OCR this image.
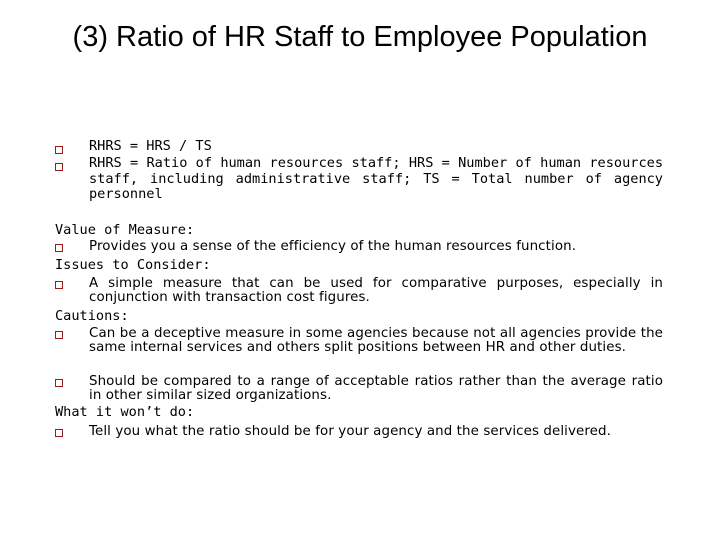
(3) Ratio of HR Staff to Employee Population

RHRS = HRS / TS

RHRS = Ratio of human resources staff; HRS = Number of human resources staff, including administrative staff; TS = Total number of agency personnel

Value of Measure:

Provides you a sense of the efficiency of the human resources function.

Issues to Consider:

A simple measure that can be used for comparative purposes, especially in conjunction with transaction cost figures.

Cautions:

Can be a deceptive measure in some agencies because not all agencies provide the same internal services and others split positions between HR and other duties.

Should be compared to a range of acceptable ratios rather than the average ratio in other similar sized organizations.

What it won’t do:

Tell you what the ratio should be for your agency and the services delivered.
